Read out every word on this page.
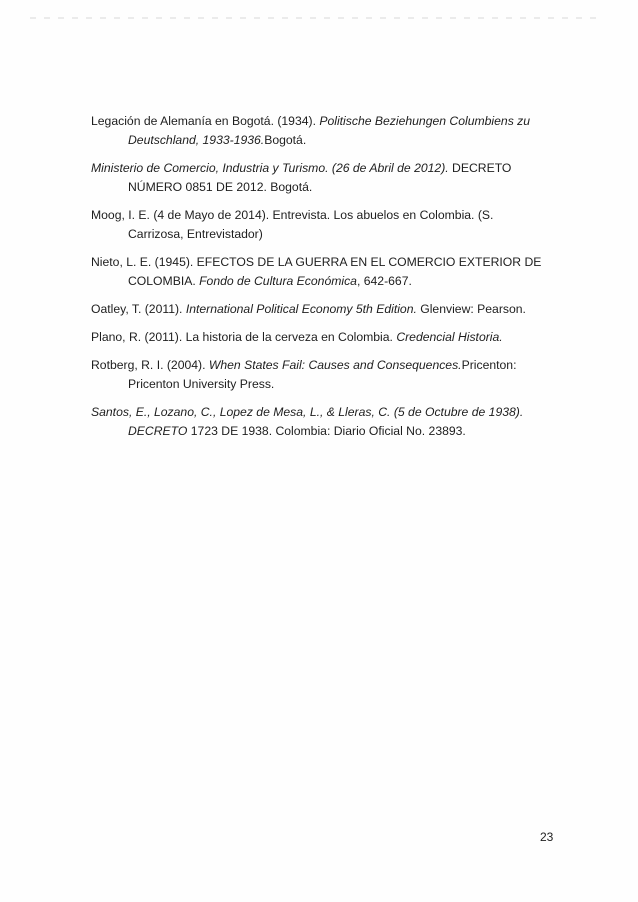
Legación de Alemanía en Bogotá. (1934). Politische Beziehungen Columbiens zu Deutschland, 1933-1936.Bogotá.

Ministerio de Comercio, Industria y Turismo. (26 de Abril de 2012). DECRETO NÚMERO 0851 DE 2012. Bogotá.

Moog, I. E. (4 de Mayo de 2014). Entrevista. Los abuelos en Colombia. (S. Carrizosa, Entrevistador)

Nieto, L. E. (1945). EFECTOS DE LA GUERRA EN EL COMERCIO EXTERIOR DE COLOMBIA. Fondo de Cultura Económica, 642-667.

Oatley, T. (2011). International Political Economy 5th Edition. Glenview: Pearson.

Plano, R. (2011). La historia de la cerveza en Colombia. Credencial Historia.

Rotberg, R. I. (2004). When States Fail: Causes and Consequences.Pricenton: Pricenton University Press.

Santos, E., Lozano, C., Lopez de Mesa, L., & Lleras, C. (5 de Octubre de 1938). DECRETO 1723 DE 1938. Colombia: Diario Oficial No. 23893.

23
